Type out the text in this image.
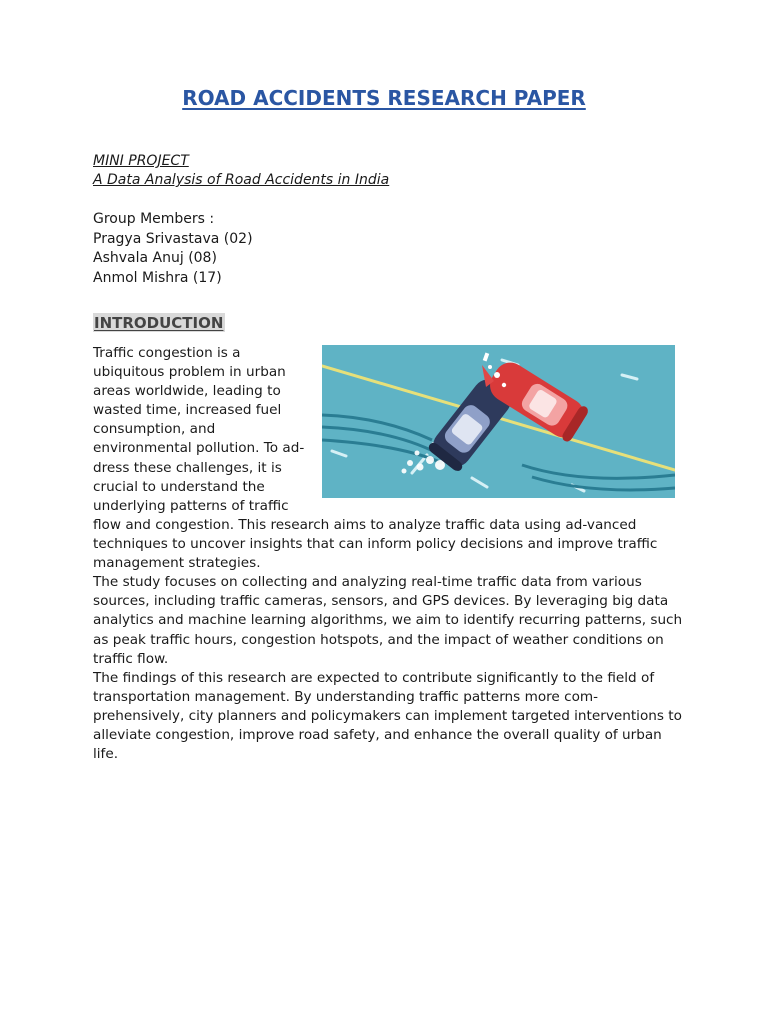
ROAD ACCIDENTS RESEARCH PAPER
MINI PROJECT
A Data Analysis of Road Accidents in India
Group Members :
Pragya Srivastava (02)
Ashvala Anuj (08)
Anmol Mishra (17)
INTRODUCTION
Traffic congestion is a
ubiquitous problem in urban
areas worldwide, leading to
wasted time, increased fuel
consumption, and
environmental pollution. To ad-
dress these challenges, it is
crucial to understand the
underlying patterns of traffic

flow and congestion. This research aims to analyze traffic data using ad-vanced techniques to uncover insights that can inform policy decisions and improve traffic management strategies.

The study focuses on collecting and analyzing real-time traffic data from various sources, including traffic cameras, sensors, and GPS devices. By leveraging big data analytics and machine learning algorithms, we aim to identify recurring patterns, such as peak traffic hours, congestion hotspots, and the impact of weather conditions on traffic flow.

The findings of this research are expected to contribute significantly to the field of transportation management. By understanding traffic patterns more com-prehensively, city planners and policymakers can implement targeted interventions to alleviate congestion, improve road safety, and enhance the overall quality of urban life.
